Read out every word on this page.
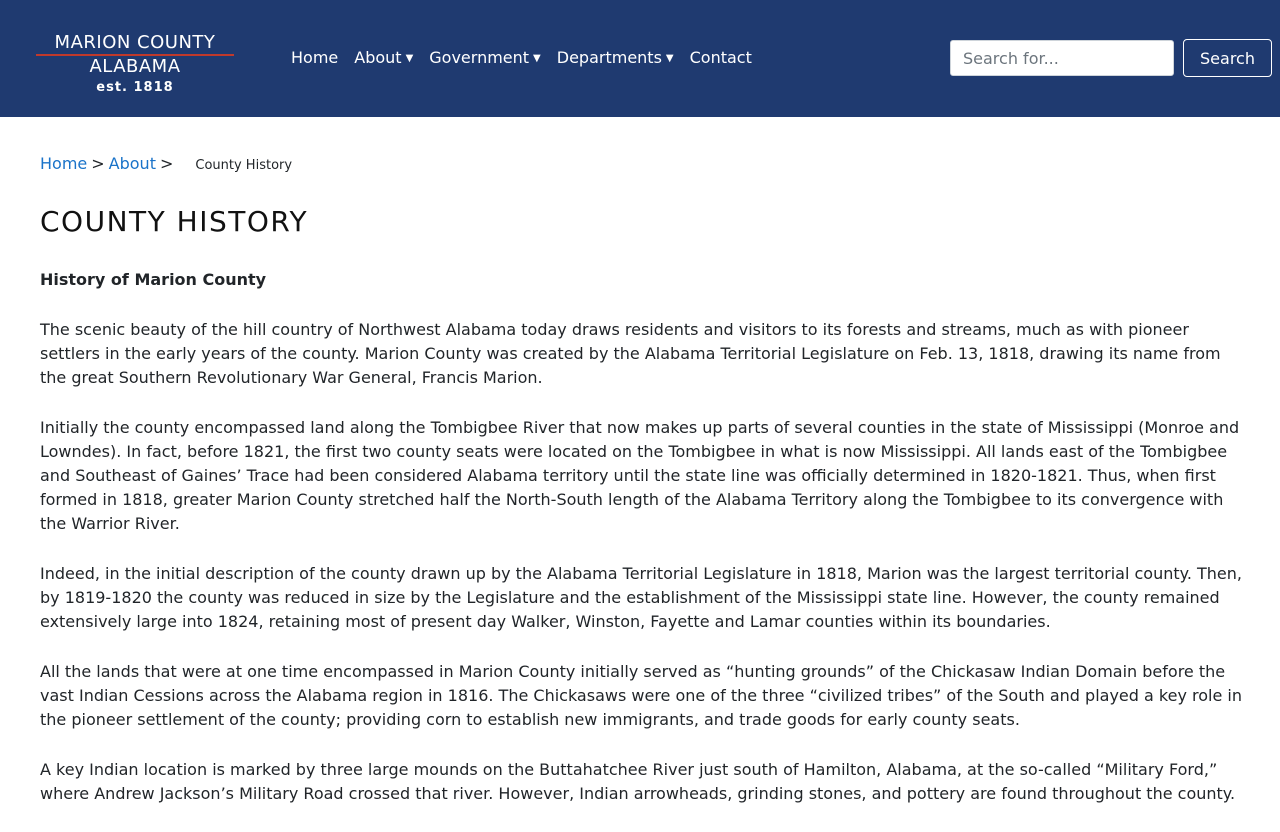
MARION COUNTY
ALABAMA
est. 1818
Home About ▼ Government ▼ Departments ▼ Contact
Search for...	Search
Home > About > County History
COUNTY HISTORY

History of Marion County

The scenic beauty of the hill country of Northwest Alabama today draws residents and visitors to its forests and streams, much as with pioneer settlers in the early years of the county. Marion County was created by the Alabama Territorial Legislature on Feb. 13, 1818, drawing its name from the great Southern Revolutionary War General, Francis Marion.

Initially the county encompassed land along the Tombigbee River that now makes up parts of several counties in the state of Mississippi (Monroe and Lowndes). In fact, before 1821, the first two county seats were located on the Tombigbee in what is now Mississippi. All lands east of the Tombigbee and Southeast of Gaines’ Trace had been considered Alabama territory until the state line was officially determined in 1820-1821. Thus, when first formed in 1818, greater Marion County stretched half the North-South length of the Alabama Territory along the Tombigbee to its convergence with the Warrior River.

Indeed, in the initial description of the county drawn up by the Alabama Territorial Legislature in 1818, Marion was the largest territorial county. Then, by 1819-1820 the county was reduced in size by the Legislature and the establishment of the Mississippi state line. However, the county remained extensively large into 1824, retaining most of present day Walker, Winston, Fayette and Lamar counties within its boundaries.

All the lands that were at one time encompassed in Marion County initially served as “hunting grounds” of the Chickasaw Indian Domain before the vast Indian Cessions across the Alabama region in 1816. The Chickasaws were one of the three “civilized tribes” of the South and played a key role in the pioneer settlement of the county; providing corn to establish new immigrants, and trade goods for early county seats.

A key Indian location is marked by three large mounds on the Buttahatchee River just south of Hamilton, Alabama, at the so-called “Military Ford,” where Andrew Jackson’s Military Road crossed that river. However, Indian arrowheads, grinding stones, and pottery are found throughout the county.
